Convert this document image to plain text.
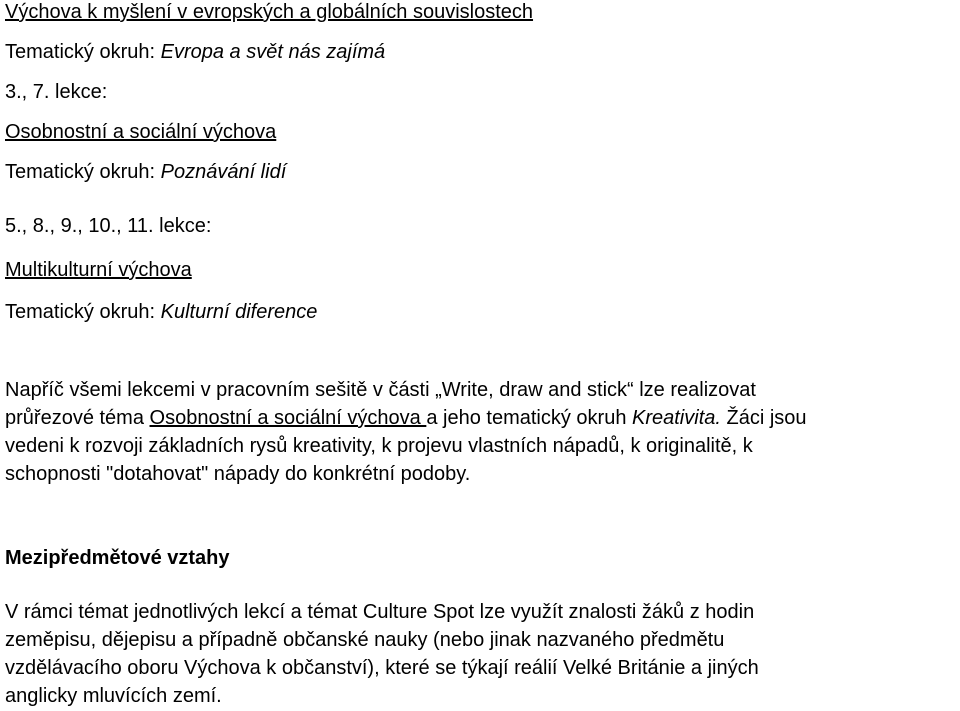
Výchova k myšlení v evropských a globálních souvislostech
Tematický okruh: Evropa a svět nás zajímá
3., 7. lekce:
Osobnostní a sociální výchova
Tematický okruh: Poznávání lidí
5., 8., 9., 10., 11. lekce:
Multikulturní výchova
Tematický okruh: Kulturní diference
Napříč všemi lekcemi v pracovním sešitě v části „Write, draw and stick“ lze realizovat
průřezové téma Osobnostní a sociální výchova a jeho tematický okruh Kreativita. Žáci jsou
vedeni k rozvoji základních rysů kreativity, k projevu vlastních nápadů, k originalitě, k
schopnosti "dotahovat" nápady do konkrétní podoby.
Mezipředmětové vztahy
V rámci témat jednotlivých lekcí a témat Culture Spot lze využít znalosti žáků z hodin
zeměpisu, dějepisu a případně občanské nauky (nebo jinak nazvaného předmětu
vzdělávacího oboru Výchova k občanství), které se týkají reálií Velké Británie a jiných
anglicky mluvících zemí.
